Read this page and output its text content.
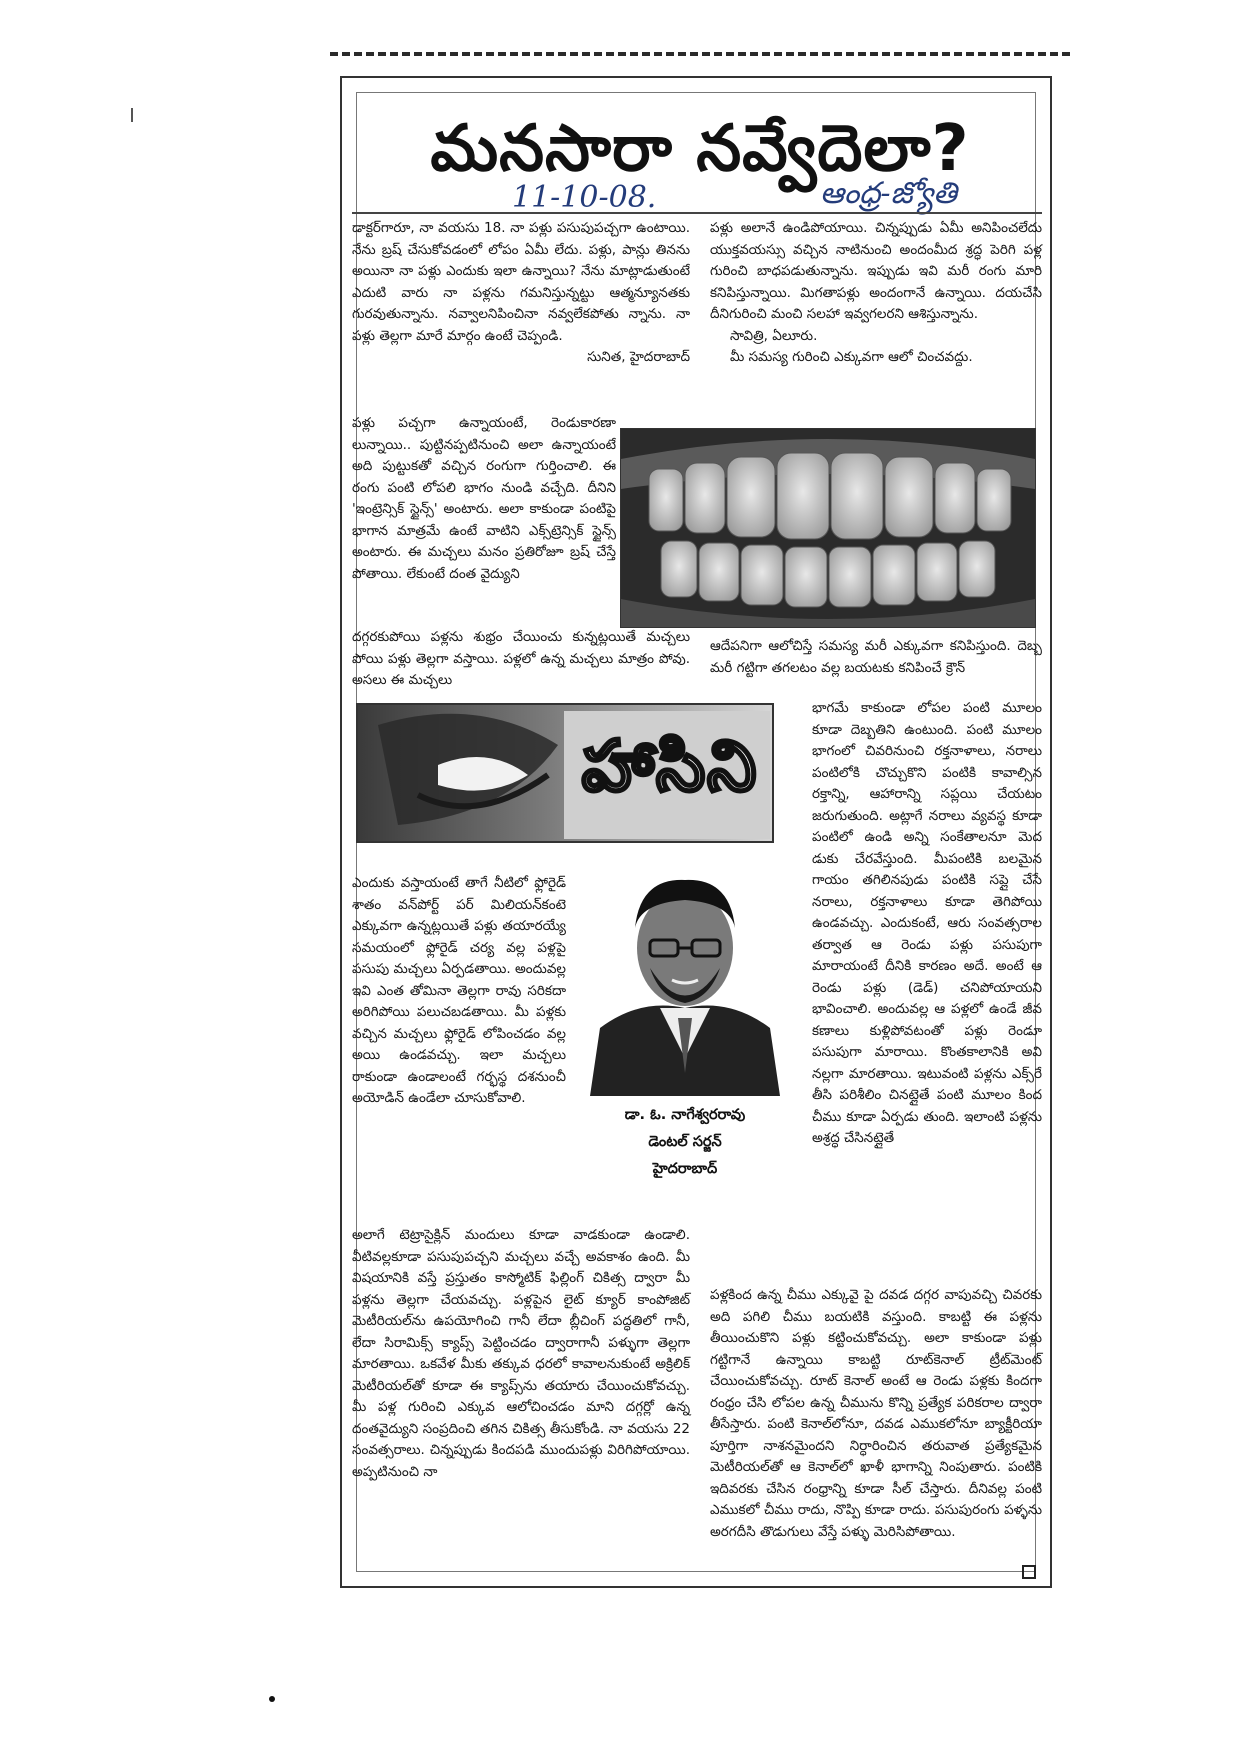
మనసారా నవ్వేదెలా?
11-10-08.	ఆంధ్ర-జ్యోతి

డాక్టర్‌గారూ, నా వయసు 18. నా పళ్లు పసుపుపచ్చగా ఉంటాయి. నేను బ్రష్ చేసుకోవడంలో లోపం ఏమీ లేదు. పళ్లు, పాన్లు తినను అయినా నా పళ్లు ఎందుకు ఇలా ఉన్నాయి? నేను మాట్లాడుతుంటే ఎదుటి వారు నా పళ్లను గమనిస్తున్నట్టు ఆత్మన్యూనతకు గురవుతున్నాను. నవ్వాలనిపించినా నవ్వలేకపోతు న్నాను. నా పళ్లు తెల్లగా మారే మార్గం ఉంటే చెప్పండి.

సునిత, హైదరాబాద్

పళ్లు అలానే ఉండిపోయాయి. చిన్నప్పుడు ఏమీ అనిపించలేదు యుక్తవయస్సు వచ్చిన నాటినుంచి అందంమీద శ్రద్ధ పెరిగి పళ్ల గురించి బాధపడుతున్నాను. ఇప్పుడు ఇవి మరీ రంగు మారి కనిపిస్తున్నాయి. మిగతాపళ్లు అందంగానే ఉన్నాయి. దయచేసి దీనిగురించి మంచి సలహా ఇవ్వగలరని ఆశిస్తున్నాను.

సావిత్రి, ఏలూరు.

మీ సమస్య గురించి ఎక్కువగా ఆలో చించవద్దు.

పళ్లు పచ్చగా ఉన్నాయంటే, రెండుకారణా లున్నాయి.. పుట్టినప్పటినుంచి అలా ఉన్నాయంటే అది పుట్టుకతో వచ్చిన రంగుగా గుర్తించాలి. ఈ రంగు పంటి లోపలి భాగం నుండి వచ్చేది. దీనిని 'ఇంట్రెన్సిక్ స్టైన్స్' అంటారు. అలా కాకుండా పంటిపై భాగాన మాత్రమే ఉంటే వాటిని ఎక్స్‌ట్రెన్సిక్ స్టైన్స్ అంటారు. ఈ మచ్చలు మనం ప్రతిరోజూ బ్రష్ చేస్తే పోతాయి. లేకుంటే దంత వైద్యుని

దగ్గరకుపోయి పళ్లను శుభ్రం చేయించు కున్నట్లయితే మచ్చలు పోయి పళ్లు తెల్లగా వస్తాయి. పళ్లలో ఉన్న మచ్చలు మాత్రం పోవు. అసలు ఈ మచ్చలు

ఆదేపనిగా ఆలోచిస్తే సమస్య మరీ ఎక్కువగా కనిపిస్తుంది. దెబ్బ మరీ గట్టిగా తగలటం వల్ల బయటకు కనిపించే క్రౌన్

హాసిని

భాగమే కాకుండా లోపల పంటి మూలం కూడా దెబ్బతిని ఉంటుంది. పంటి మూలం భాగంలో చివరినుంచి రక్తనాళాలు, నరాలు పంటిలోకి చొచ్చుకొని పంటికి కావాల్సిన రక్తాన్ని, ఆహారాన్ని సప్లయి చేయటం జరుగుతుంది. అట్లాగే నరాలు వ్యవస్థ కూడా పంటిలో ఉండి అన్ని సంకేతాలనూ మెద డుకు చేరవేస్తుంది. మీపంటికి బలమైన గాయం తగిలినపుడు పంటికి సప్లై చేసే నరాలు, రక్తనాళాలు కూడా తెగిపోయి ఉండవచ్చు. ఎందుకంటే, ఆరు సంవత్సరాల తర్వాత ఆ రెండు పళ్లు పసుపుగా మారాయంటే దీనికి కారణం అదే. అంటే ఆ రెండు పళ్లు (డెడ్) చనిపోయాయని భావించాలి. అందువల్ల ఆ పళ్లలో ఉండే జీవ కణాలు కుళ్లిపోవటంతో పళ్లు రెండూ పసుపుగా మారాయి. కొంతకాలానికి అవి నల్లగా మారతాయి. ఇటువంటి పళ్లను ఎక్స్‌రే తీసి పరిశీలిం చినట్లైతే పంటి మూలం కింద చీము కూడా ఏర్పడు తుంది. ఇలాంటి పళ్లను అశ్రద్ధ చేసినట్లైతే

ఎందుకు వస్తాయంటే తాగే నీటిలో ఫ్లోరైడ్ శాతం వన్‌పోర్ట్ పర్ మిలియన్‌కంటె ఎక్కువగా ఉన్నట్లయితే పళ్లు తయారయ్యే సమయంలో ఫ్లోరైడ్ చర్య వల్ల పళ్లపై పసుపు మచ్చలు ఏర్పడతాయి. అందువల్ల ఇవి ఎంత తోమినా తెల్లగా రావు సరికదా అరిగిపోయి పలుచబడతాయి. మీ పళ్లకు వచ్చిన మచ్చలు ఫ్లోరైడ్ లోపించడం వల్ల అయి ఉండవచ్చు. ఇలా మచ్చలు రాకుండా ఉండాలంటే గర్భస్థ దశనుంచీ అయోడిన్ ఉండేలా చూసుకోవాలి.

డా. ఓ. నాగేశ్వరరావు
డెంటల్ సర్జన్
హైదరాబాద్

అలాగే టెట్రాసైక్లిన్ మందులు కూడా వాడకుండా ఉండాలి. వీటివల్లకూడా పసుపుపచ్చని మచ్చలు వచ్చే అవకాశం ఉంది. మీ విషయానికి వస్తే ప్రస్తుతం కాస్మోటిక్ ఫిల్లింగ్ చికిత్స ద్వారా మీ పళ్లను తెల్లగా చేయవచ్చు. పళ్లపైన లైట్ క్యూర్ కాంపోజిట్ మెటీరియల్‌ను ఉపయోగించి గానీ లేదా బ్లీచింగ్ పద్ధతిలో గానీ, లేదా సిరామిక్స్ క్యాప్స్ పెట్టించడం ద్వారాగానీ పళ్ళుగా తెల్లగా మారతాయి. ఒకవేళ మీకు తక్కువ ధరలో కావాలనుకుంటే అక్రిలిక్ మెటీరియల్‌తో కూడా ఈ క్యాప్స్‌ను తయారు చేయించుకోవచ్చు. మీ పళ్ల గురించి ఎక్కువ ఆలోచించడం మాని దగ్గర్లో ఉన్న దంతవైద్యుని సంప్రదించి తగిన చికిత్స తీసుకోండి. నా వయసు 22 సంవత్సరాలు. చిన్నప్పుడు కిందపడి ముందుపళ్లు విరిగిపోయాయి. అప్పటినుంచి నా

పళ్లకింద ఉన్న చీము ఎక్కువై పై దవడ దగ్గర వాపువచ్చి చివరకు అది పగిలి చీము బయటికి వస్తుంది. కాబట్టి ఈ పళ్లను తీయించుకొని పళ్లు కట్టించుకోవచ్చు. అలా కాకుండా పళ్లు గట్టిగానే ఉన్నాయి కాబట్టి రూట్‌కెనాల్ ట్రీట్‌మెంట్ చేయించుకోవచ్చు. రూట్ కెనాల్ అంటే ఆ రెండు పళ్లకు కిందగా రంధ్రం చేసి లోపల ఉన్న చీమును కొన్ని ప్రత్యేక పరికరాల ద్వారా తీసేస్తారు. పంటి కెనాల్‌లోనూ, దవడ ఎముకలోనూ బ్యాక్టీరియా పూర్తిగా నాశనమైందని నిర్ధారించిన తరువాత ప్రత్యేకమైన మెటీరియల్‌తో ఆ కెనాల్‌లో ఖాళీ భాగాన్ని నింపుతారు. పంటికి ఇదివరకు చేసిన రంధ్రాన్ని కూడా సీల్ చేస్తారు. దీనివల్ల పంటి ఎముకలో చీము రాదు, నొప్పి కూడా రాదు. పసుపురంగు పళ్ళను అరగదీసి తొడుగులు వేస్తే పళ్ళు మెరిసిపోతాయి.
